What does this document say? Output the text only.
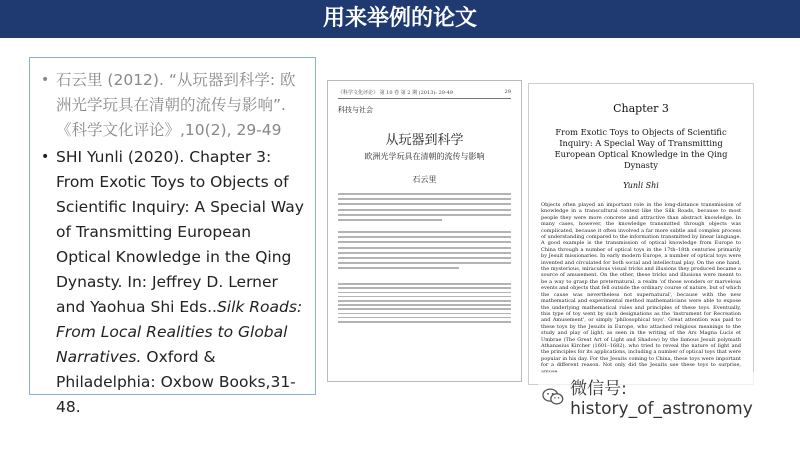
用来举例的论文
• 石云里 (2012). “从玩器到科学: 欧洲光学玩具在清朝的流传与影响”.《科学文化评论》,10(2), 29-49
• SHI Yunli (2020). Chapter 3: From Exotic Toys to Objects of Scientific Inquiry: A Special Way of Transmitting European Optical Knowledge in the Qing Dynasty. In: Jeffrey D. Lerner and Yaohua Shi Eds..Silk Roads: From Local Realities to Global Narratives. Oxford & Philadelphia: Oxbow Books,31-48.
《科学文化评论》 第 10 卷 第 2 期 (2013): 29-49	29
科技与社会
从玩器到科学
欧洲光学玩具在清朝的流传与影响
石云里
Chapter 3
From Exotic Toys to Objects of Scientific Inquiry: A Special Way of Transmitting European Optical Knowledge in the Qing Dynasty
Yunli Shi
Objects often played an important role in the long-distance transmission of knowledge in a transcultural context like the Silk Roads, because to most people they were more concrete and attractive than abstract knowledge. In many cases, however, the knowledge transmitted through objects was complicated, because it often involved a far more subtle and complex process of understanding compared to the information transmitted by linear language. A good example is the transmission of optical knowledge from Europe to China through a number of optical toys in the 17th–18th centuries primarily by Jesuit missionaries. In early modern Europe, a number of optical toys were invented and circulated for both social and intellectual play. On the one hand, the mysterious, miraculous visual tricks and illusions they produced became a source of amusement. On the other, these tricks and illusions were meant to be a way to grasp the preternatural, a realm 'of those wonders or marvelous events and objects that fell outside the ordinary course of nature, but of which the cause was nevertheless not supernatural', because with the new mathematical and experimental method mathematicians were able to expose the underlying mathematical rules and principles of these toys. Eventually, this type of toy went by such designations as the 'instrument for Recreation and Amusement', or simply 'philosophical toys'. Great attention was paid to these toys by the Jesuits in Europe, who attached religious meanings to the study and play of light, as seen in the writing of the Ars Magna Lucis et Umbrae (The Great Art of Light and Shadow) by the famous Jesuit polymath Athanasius Kircher (1601–1682), who tried to reveal the nature of light and the principles for its applications, including a number of optical toys that were popular in his day. For the Jesuits coming to China, these toys were important for a different reason. Not only did the Jesuits use these toys to surprise,
微信号: history_of_astronomy
